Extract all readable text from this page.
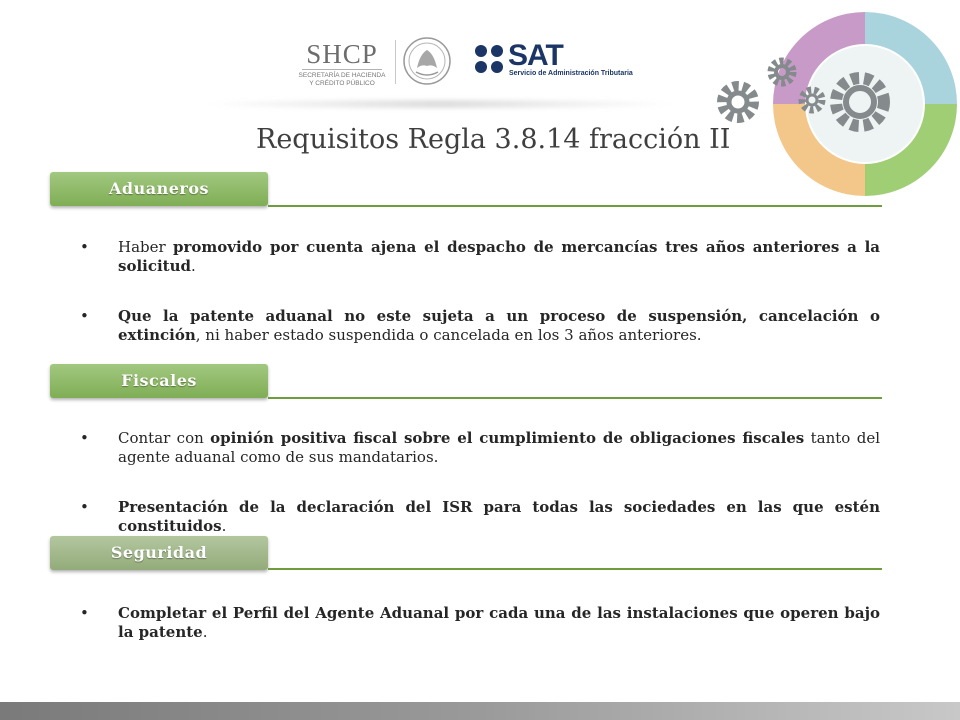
SHCP
SECRETARÍA DE HACIENDA
Y CRÉDITO PÚBLICO
SAT
Servicio de Administración Tributaria
Requisitos Regla 3.8.14 fracción II
Aduaneros
• Haber promovido por cuenta ajena el despacho de mercancías tres años anteriores a la solicitud.
• Que la patente aduanal no este sujeta a un proceso de suspensión, cancelación o extinción, ni haber estado suspendida o cancelada en los 3 años anteriores.
Fiscales
• Contar con opinión positiva fiscal sobre el cumplimiento de obligaciones fiscales tanto del agente aduanal como de sus mandatarios.
• Presentación de la declaración del ISR para todas las sociedades en las que estén constituidos.
Seguridad
• Completar el Perfil del Agente Aduanal por cada una de las instalaciones que operen bajo la patente.
